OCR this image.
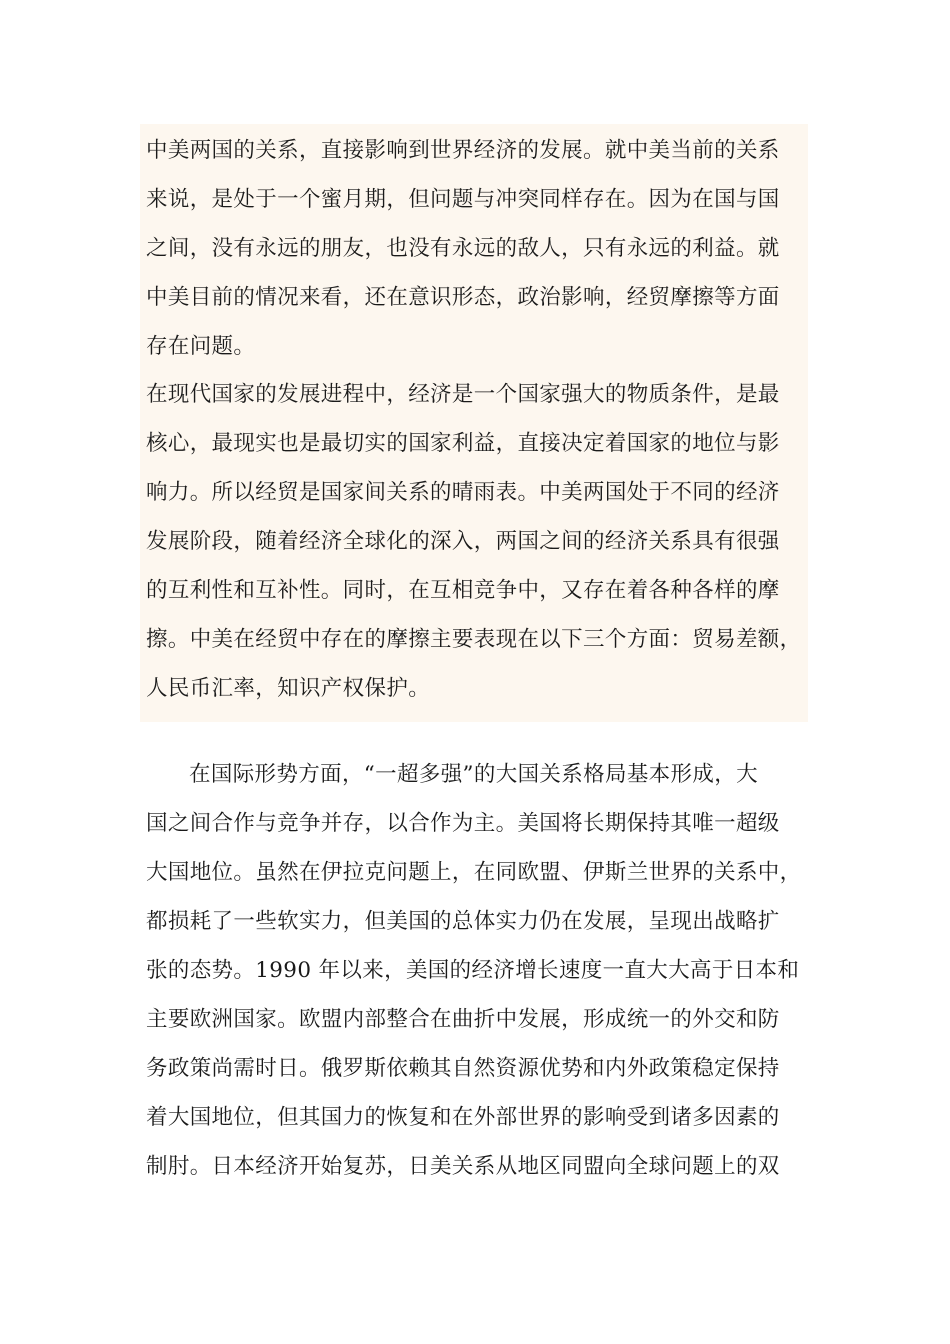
中美两国的关系，直接影响到世界经济的发展。就中美当前的关系
来说，是处于一个蜜月期，但问题与冲突同样存在。因为在国与国
之间，没有永远的朋友，也没有永远的敌人，只有永远的利益。就
中美目前的情况来看，还在意识形态，政治影响，经贸摩擦等方面
存在问题。
在现代国家的发展进程中，经济是一个国家强大的物质条件，是最
核心，最现实也是最切实的国家利益，直接决定着国家的地位与影
响力。所以经贸是国家间关系的晴雨表。中美两国处于不同的经济
发展阶段，随着经济全球化的深入，两国之间的经济关系具有很强
的互利性和互补性。同时，在互相竞争中，又存在着各种各样的摩
擦。中美在经贸中存在的摩擦主要表现在以下三个方面：贸易差额，
人民币汇率，知识产权保护。
在国际形势方面，“一超多强”的大国关系格局基本形成，大
国之间合作与竞争并存，以合作为主。美国将长期保持其唯一超级
大国地位。虽然在伊拉克问题上，在同欧盟、伊斯兰世界的关系中，
都损耗了一些软实力，但美国的总体实力仍在发展，呈现出战略扩
张的态势。1990 年以来，美国的经济增长速度一直大大高于日本和
主要欧洲国家。欧盟内部整合在曲折中发展，形成统一的外交和防
务政策尚需时日。俄罗斯依赖其自然资源优势和内外政策稳定保持
着大国地位，但其国力的恢复和在外部世界的影响受到诸多因素的
制肘。日本经济开始复苏，日美关系从地区同盟向全球问题上的双
